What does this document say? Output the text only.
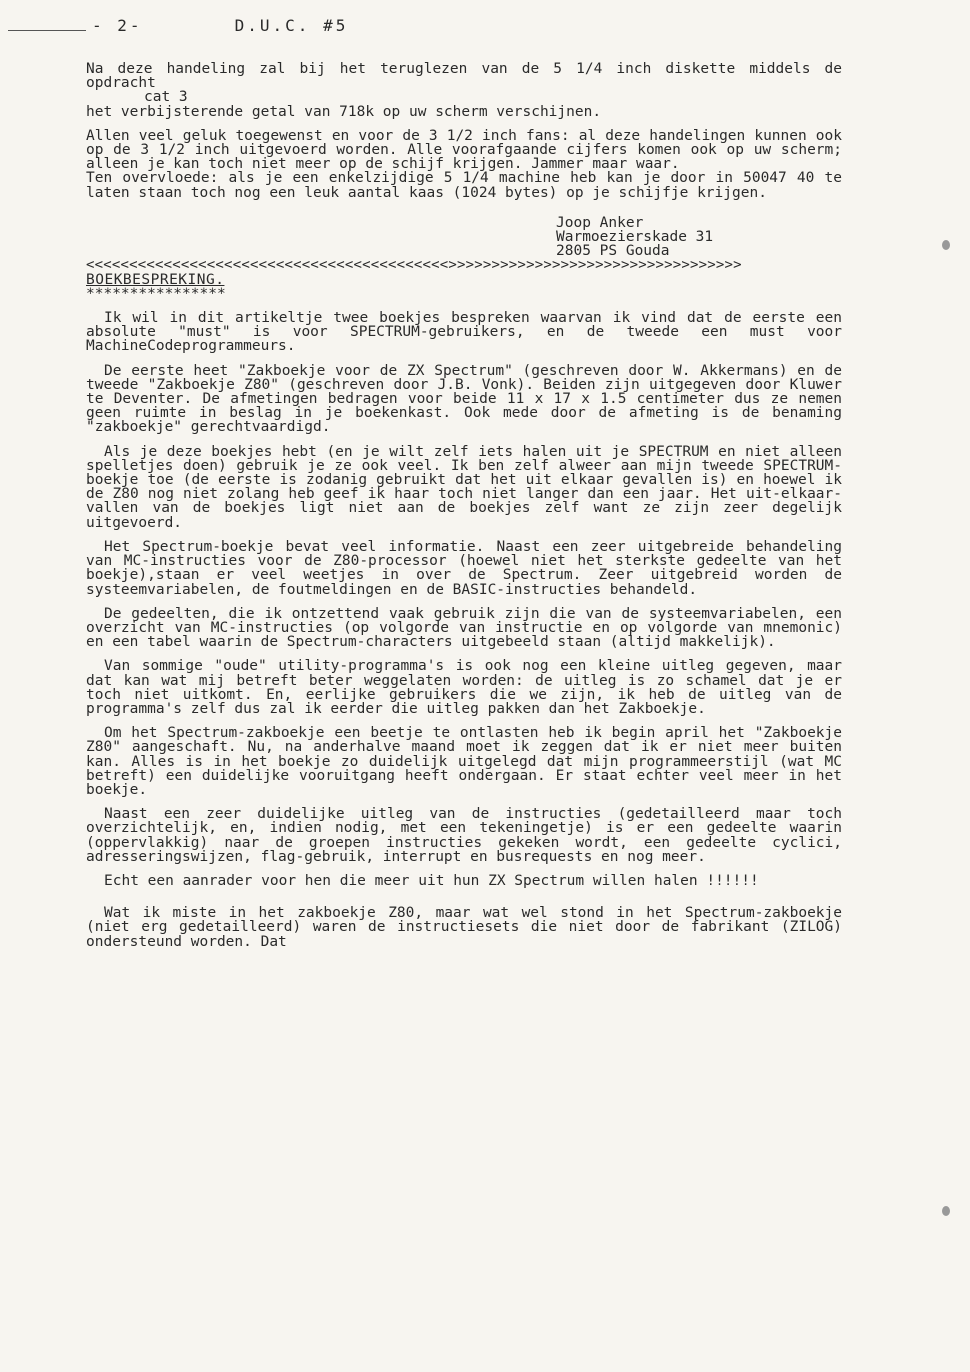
- 2-	D.U.C. #5

Na deze handeling zal bij het teruglezen van de 5 1/4 inch diskette middels de opdracht

cat 3

het verbijsterende getal van 718k op uw scherm verschijnen.

Allen veel geluk toegewenst en voor de 3 1/2 inch fans: al deze handelingen kunnen ook op de 3 1/2 inch uitgevoerd worden. Alle voorafgaande cijfers komen ook op uw scherm; alleen je kan toch niet meer op de schijf krijgen. Jammer maar waar.

Ten overvloede: als je een enkelzijdige 5 1/4 machine heb kan je door in 50047 40 te laten staan toch nog een leuk aantal kaas (1024 bytes) op je schijfje krijgen.

Joop Anker

Warmoezierskade 31

2805 PS Gouda

<<<<<<<<<<<<<<<<<<<<<<<<<<<<<<<<<<<<<<<<<<>>>>>>>>>>>>>>>>>>>>>>>>>>>>>>>>>>

BOEKBESPREKING.

****************

Ik wil in dit artikeltje twee boekjes bespreken waarvan ik vind dat de eerste een absolute "must" is voor SPECTRUM-gebruikers, en de tweede een must voor MachineCodeprogrammeurs.

De eerste heet "Zakboekje voor de ZX Spectrum" (geschreven door W. Akkermans) en de tweede "Zakboekje Z80" (geschreven door J.B. Vonk). Beiden zijn uitgegeven door Kluwer te Deventer. De afmetingen bedragen voor beide 11 x 17 x 1.5 centimeter dus ze nemen geen ruimte in beslag in je boekenkast. Ook mede door de afmeting is de benaming "zakboekje" gerechtvaardigd.

Als je deze boekjes hebt (en je wilt zelf iets halen uit je SPECTRUM en niet alleen spelletjes doen) gebruik je ze ook veel. Ik ben zelf alweer aan mijn tweede SPECTRUM-boekje toe (de eerste is zodanig gebruikt dat het uit elkaar gevallen is) en hoewel ik de Z80 nog niet zolang heb geef ik haar toch niet langer dan een jaar. Het uit-elkaar-vallen van de boekjes ligt niet aan de boekjes zelf want ze zijn zeer degelijk uitgevoerd.

Het Spectrum-boekje bevat veel informatie. Naast een zeer uitgebreide behandeling van MC-instructies voor de Z80-processor (hoewel niet het sterkste gedeelte van het boekje),staan er veel weetjes in over de Spectrum. Zeer uitgebreid worden de systeemvariabelen, de foutmeldingen en de BASIC-instructies behandeld.

De gedeelten, die ik ontzettend vaak gebruik zijn die van de systeemvariabelen, een overzicht van MC-instructies (op volgorde van instructie en op volgorde van mnemonic) en een tabel waarin de Spectrum-characters uitgebeeld staan (altijd makkelijk).

Van sommige "oude" utility-programma's is ook nog een kleine uitleg gegeven, maar dat kan wat mij betreft beter weggelaten worden: de uitleg is zo schamel dat je er toch niet uitkomt. En, eerlijke gebruikers die we zijn, ik heb de uitleg van de programma's zelf dus zal ik eerder die uitleg pakken dan het Zakboekje.

Om het Spectrum-zakboekje een beetje te ontlasten heb ik begin april het "Zakboekje Z80" aangeschaft. Nu, na anderhalve maand moet ik zeggen dat ik er niet meer buiten kan. Alles is in het boekje zo duidelijk uitgelegd dat mijn programmeerstijl (wat MC betreft) een duidelijke vooruitgang heeft ondergaan. Er staat echter veel meer in het boekje.

Naast een zeer duidelijke uitleg van de instructies (gedetailleerd maar toch overzichtelijk, en, indien nodig, met een tekeningetje) is er een gedeelte waarin (oppervlakkig) naar de groepen instructies gekeken wordt, een gedeelte cyclici, adresseringswijzen, flag-gebruik, interrupt en busrequests en nog meer.

Echt een aanrader voor hen die meer uit hun ZX Spectrum willen halen !!!!!!

Wat ik miste in het zakboekje Z80, maar wat wel stond in het Spectrum-zakboekje (niet erg gedetailleerd) waren de instructiesets die niet door de fabrikant (ZILOG) ondersteund worden. Dat
